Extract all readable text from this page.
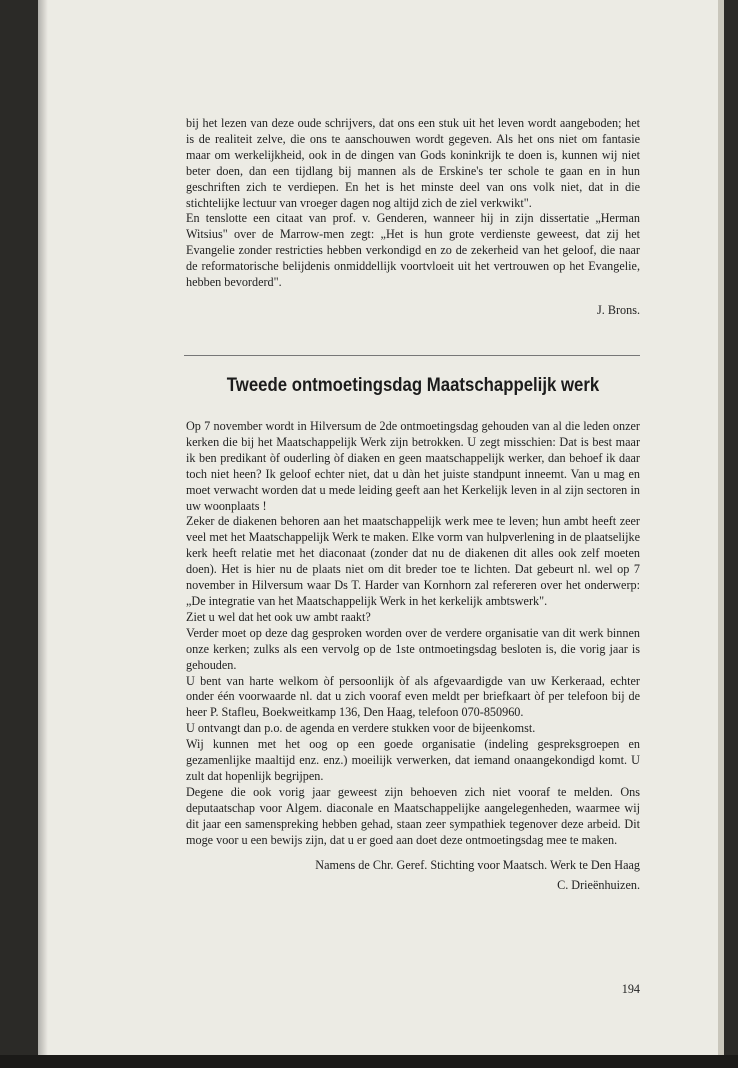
bij het lezen van deze oude schrijvers, dat ons een stuk uit het leven wordt aangeboden; het is de realiteit zelve, die ons te aanschouwen wordt gegeven. Als het ons niet om fantasie maar om werkelijkheid, ook in de dingen van Gods koninkrijk te doen is, kunnen wij niet beter doen, dan een tijdlang bij mannen als de Erskine's ter schole te gaan en in hun geschriften zich te verdiepen. En het is het minste deel van ons volk niet, dat in die stichtelijke lectuur van vroeger dagen nog altijd zich de ziel verkwikt".

En tenslotte een citaat van prof. v. Genderen, wanneer hij in zijn dissertatie „Herman Witsius" over de Marrow-men zegt: „Het is hun grote verdienste geweest, dat zij het Evangelie zonder restricties hebben verkondigd en zo de zekerheid van het geloof, die naar de reformatorische belijdenis onmiddellijk voortvloeit uit het vertrouwen op het Evangelie, hebben bevorderd".

J. Brons.

Tweede ontmoetingsdag Maatschappelijk werk

Op 7 november wordt in Hilversum de 2de ontmoetingsdag gehouden van al die leden onzer kerken die bij het Maatschappelijk Werk zijn betrokken. U zegt misschien: Dat is best maar ik ben predikant òf ouderling òf diaken en geen maatschappelijk werker, dan behoef ik daar toch niet heen? Ik geloof echter niet, dat u dàn het juiste standpunt inneemt. Van u mag en moet verwacht worden dat u mede leiding geeft aan het Kerkelijk leven in al zijn sectoren in uw woonplaats !

Zeker de diakenen behoren aan het maatschappelijk werk mee te leven; hun ambt heeft zeer veel met het Maatschappelijk Werk te maken. Elke vorm van hulpverlening in de plaatselijke kerk heeft relatie met het diaconaat (zonder dat nu de diakenen dit alles ook zelf moeten doen). Het is hier nu de plaats niet om dit breder toe te lichten. Dat gebeurt nl. wel op 7 november in Hilversum waar Ds T. Harder van Kornhorn zal refereren over het onderwerp: „De integratie van het Maatschappelijk Werk in het kerkelijk ambtswerk".

Ziet u wel dat het ook uw ambt raakt?

Verder moet op deze dag gesproken worden over de verdere organisatie van dit werk binnen onze kerken; zulks als een vervolg op de 1ste ontmoetingsdag besloten is, die vorig jaar is gehouden.

U bent van harte welkom òf persoonlijk òf als afgevaardigde van uw Kerkeraad, echter onder één voorwaarde nl. dat u zich vooraf even meldt per briefkaart òf per telefoon bij de heer P. Stafleu, Boekweitkamp 136, Den Haag, telefoon 070-850960.

U ontvangt dan p.o. de agenda en verdere stukken voor de bijeenkomst.

Wij kunnen met het oog op een goede organisatie (indeling gespreksgroepen en gezamenlijke maaltijd enz. enz.) moeilijk verwerken, dat iemand onaangekondigd komt. U zult dat hopenlijk begrijpen.

Degene die ook vorig jaar geweest zijn behoeven zich niet vooraf te melden. Ons deputaatschap voor Algem. diaconale en Maatschappelijke aangelegenheden, waarmee wij dit jaar een samenspreking hebben gehad, staan zeer sympathiek tegenover deze arbeid. Dit moge voor u een bewijs zijn, dat u er goed aan doet deze ontmoetingsdag mee te maken.

Namens de Chr. Geref. Stichting voor Maatsch. Werk te Den Haag

C. Drieënhuizen.

194
